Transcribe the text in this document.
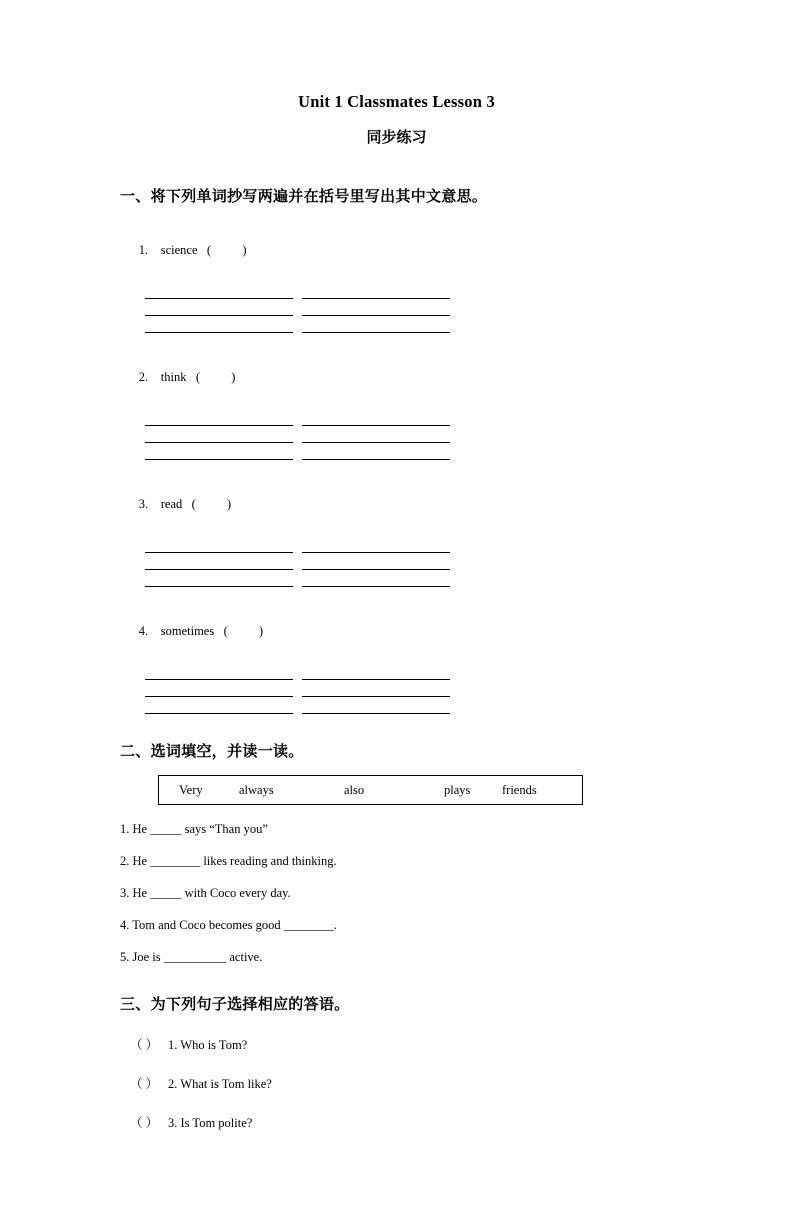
Unit 1 Classmates Lesson 3
同步练习
一、将下列单词抄写两遍并在括号里写出其中文意思。

1. science (          )

2. think (          )

3. read (          )

4. sometimes (          )

二、选词填空，并读一读。
Very	always	also	plays	friends
1. He _____ says “Than you”
2. He ________ likes reading and thinking.
3. He _____ with Coco every day.
4. Tom and Coco becomes good ________.
5. Joe is __________ active.
三、为下列句子选择相应的答语。
（ ） 1. Who is Tom?
（ ） 2. What is Tom like?
（ ） 3. Is Tom polite?
